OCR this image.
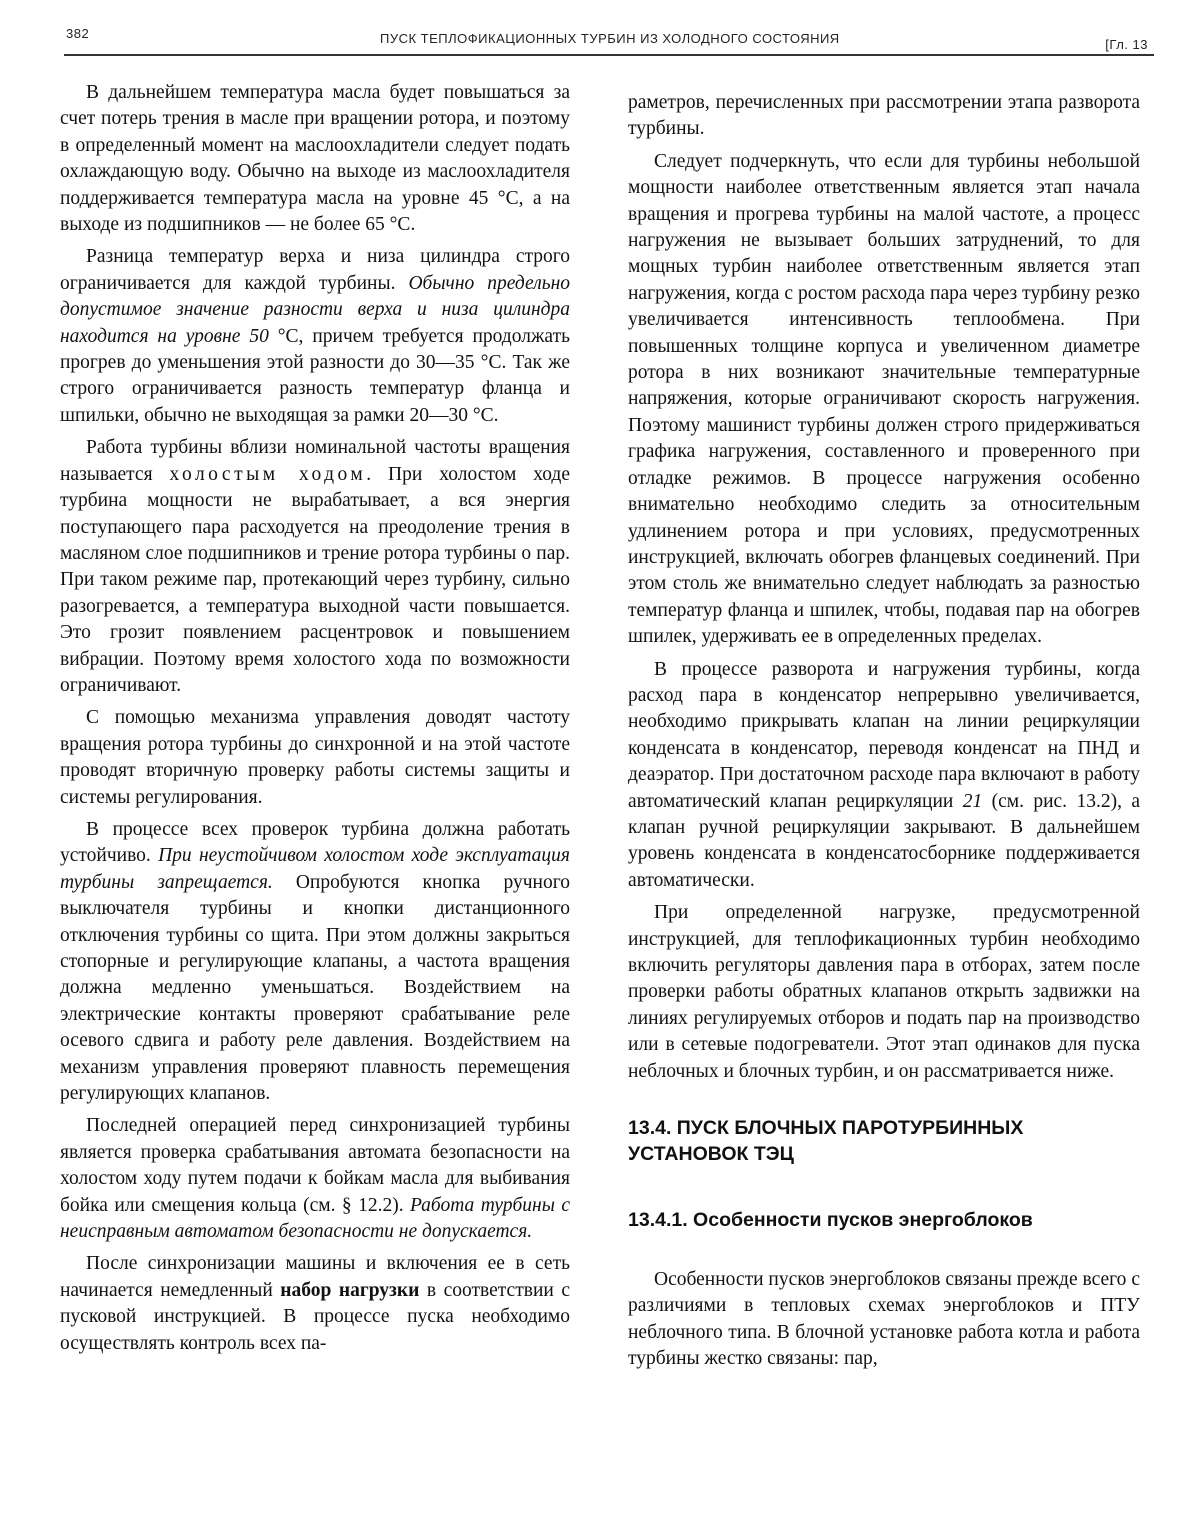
382	ПУСК ТЕПЛОФИКАЦИОННЫХ ТУРБИН ИЗ ХОЛОДНОГО СОСТОЯНИЯ	[Гл. 13

В дальнейшем температура масла будет повышаться за счет потерь трения в масле при вращении ротора, и поэтому в определенный момент на маслоохладители следует подать охлаждающую воду. Обычно на выходе из маслоохладителя поддерживается температура масла на уровне 45 °С, а на выходе из подшипников — не более 65 °С.

Разница температур верха и низа цилиндра строго ограничивается для каждой турбины. Обычно предельно допустимое значение разности верха и низа цилиндра находится на уровне 50 °С, причем требуется продолжать прогрев до уменьшения этой разности до 30—35 °С. Так же строго ограничивается разность температур фланца и шпильки, обычно не выходящая за рамки 20—30 °С.

Работа турбины вблизи номинальной частоты вращения называется холостым ходом. При холостом ходе турбина мощности не вырабатывает, а вся энергия поступающего пара расходуется на преодоление трения в масляном слое подшипников и трение ротора турбины о пар. При таком режиме пар, протекающий через турбину, сильно разогревается, а температура выходной части повышается. Это грозит появлением расцентровок и повышением вибрации. Поэтому время холостого хода по возможности ограничивают.

С помощью механизма управления доводят частоту вращения ротора турбины до синхронной и на этой частоте проводят вторичную проверку работы системы защиты и системы регулирования.

В процессе всех проверок турбина должна работать устойчиво. При неустойчивом холостом ходе эксплуатация турбины запрещается. Опробуются кнопка ручного выключателя турбины и кнопки дистанционного отключения турбины со щита. При этом должны закрыться стопорные и регулирующие клапаны, а частота вращения должна медленно уменьшаться. Воздействием на электрические контакты проверяют срабатывание реле осевого сдвига и работу реле давления. Воздействием на механизм управления проверяют плавность перемещения регулирующих клапанов.

Последней операцией перед синхронизацией турбины является проверка срабатывания автомата безопасности на холостом ходу путем подачи к бойкам масла для выбивания бойка или смещения кольца (см. § 12.2). Работа турбины с неисправным автоматом безопасности не допускается.

После синхронизации машины и включения ее в сеть начинается немедленный набор нагрузки в соответствии с пусковой инструкцией. В процессе пуска необходимо осуществлять контроль всех па-

раметров, перечисленных при рассмотрении этапа разворота турбины.

Следует подчеркнуть, что если для турбины небольшой мощности наиболее ответственным является этап начала вращения и прогрева турбины на малой частоте, а процесс нагружения не вызывает больших затруднений, то для мощных турбин наиболее ответственным является этап нагружения, когда с ростом расхода пара через турбину резко увеличивается интенсивность теплообмена. При повышенных толщине корпуса и увеличенном диаметре ротора в них возникают значительные температурные напряжения, которые ограничивают скорость нагружения. Поэтому машинист турбины должен строго придерживаться графика нагружения, составленного и проверенного при отладке режимов. В процессе нагружения особенно внимательно необходимо следить за относительным удлинением ротора и при условиях, предусмотренных инструкцией, включать обогрев фланцевых соединений. При этом столь же внимательно следует наблюдать за разностью температур фланца и шпилек, чтобы, подавая пар на обогрев шпилек, удерживать ее в определенных пределах.

В процессе разворота и нагружения турбины, когда расход пара в конденсатор непрерывно увеличивается, необходимо прикрывать клапан на линии рециркуляции конденсата в конденсатор, переводя конденсат на ПНД и деаэратор. При достаточном расходе пара включают в работу автоматический клапан рециркуляции 21 (см. рис. 13.2), а клапан ручной рециркуляции закрывают. В дальнейшем уровень конденсата в конденсатосборнике поддерживается автоматически.

При определенной нагрузке, предусмотренной инструкцией, для теплофикационных турбин необходимо включить регуляторы давления пара в отборах, затем после проверки работы обратных клапанов открыть задвижки на линиях регулируемых отборов и подать пар на производство или в сетевые подогреватели. Этот этап одинаков для пуска неблочных и блочных турбин, и он рассматривается ниже.

13.4. ПУСК БЛОЧНЫХ ПАРОТУРБИННЫХ УСТАНОВОК ТЭЦ
13.4.1. Особенности пусков энергоблоков

Особенности пусков энергоблоков связаны прежде всего с различиями в тепловых схемах энергоблоков и ПТУ неблочного типа. В блочной установке работа котла и работа турбины жестко связаны: пар,
